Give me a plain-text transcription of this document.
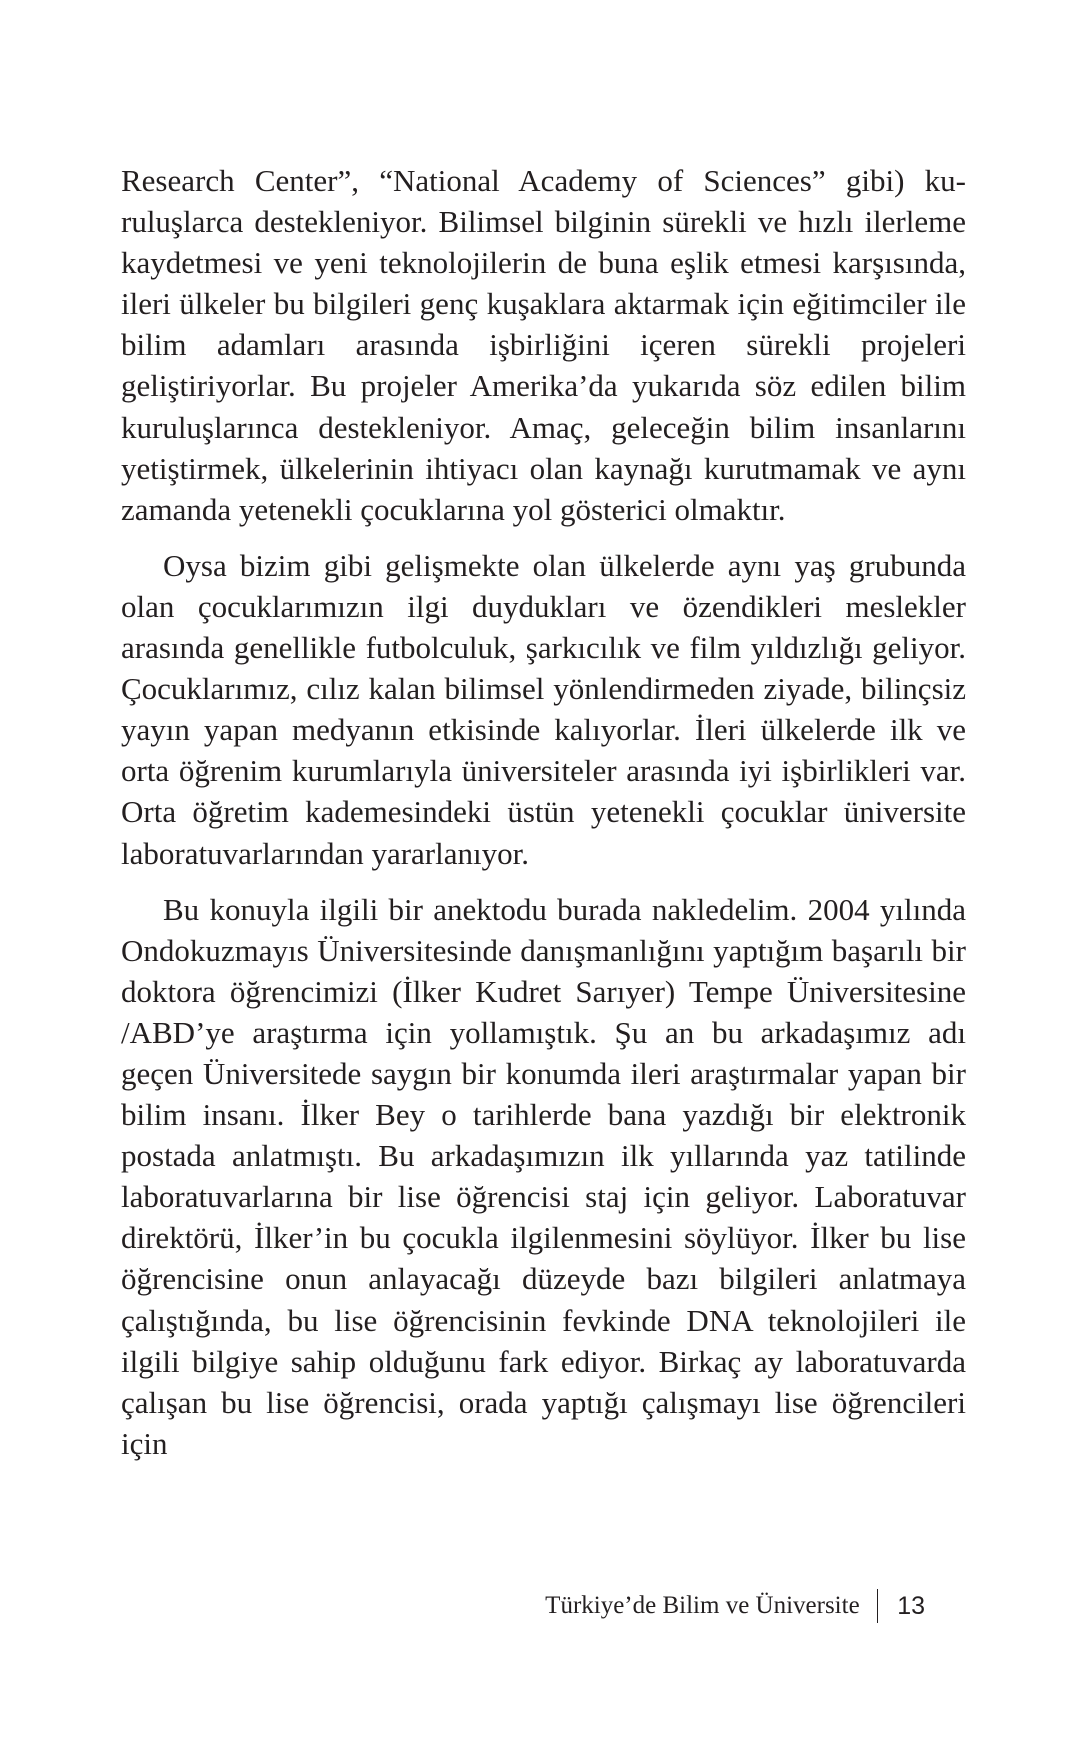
Research Center”, “National Academy of Sciences” gibi) kuruluşlarca destekleniyor. Bilimsel bilginin sürekli ve hızlı ilerleme kaydetmesi ve yeni teknolojilerin de buna eşlik etmesi karşısında, ileri ülkeler bu bilgileri genç kuşaklara aktarmak için eğitimciler ile bilim adamları arasında işbirliğini içeren sürekli projeleri geliştiriyorlar. Bu projeler Amerika’da yukarıda söz edilen bilim kuruluşlarınca destekleniyor. Amaç, geleceğin bilim insanlarını yetiştirmek, ülkelerinin ihtiyacı olan kaynağı kurutmamak ve aynı zamanda yetenekli çocuklarına yol gösterici olmaktır.

Oysa bizim gibi gelişmekte olan ülkelerde aynı yaş grubunda olan çocuklarımızın ilgi duydukları ve özendikleri meslekler arasında genellikle futbolculuk, şarkıcılık ve film yıldızlığı geliyor. Çocuklarımız, cılız kalan bilimsel yönlendirmeden ziyade, bilinçsiz yayın yapan medyanın etkisinde kalıyorlar. İleri ülkelerde ilk ve orta öğrenim kurumlarıyla üniversiteler arasında iyi işbirlikleri var. Orta öğretim kademesindeki üstün yetenekli çocuklar üniversite laboratuvarlarından yararlanıyor.

Bu konuyla ilgili bir anektodu burada nakledelim. 2004 yılında Ondokuzmayıs Üniversitesinde danışmanlığını yaptığım başarılı bir doktora öğrencimizi (İlker Kudret Sarıyer) Tempe Üniversitesine /ABD’ye araştırma için yollamıştık. Şu an bu arkadaşımız adı geçen Üniversitede saygın bir konumda ileri araştırmalar yapan bir bilim insanı. İlker Bey o tarihlerde bana yazdığı bir elektronik postada anlatmıştı. Bu arkadaşımızın ilk yıllarında yaz tatilinde laboratuvarlarına bir lise öğrencisi staj için geliyor. Laboratuvar direktörü, İlker’in bu çocukla ilgilenmesini söylüyor. İlker bu lise öğrencisine onun anlayacağı düzeyde bazı bilgileri anlatmaya çalıştığında, bu lise öğrencisinin fevkinde DNA teknolojileri ile ilgili bilgiye sahip olduğunu fark ediyor. Birkaç ay laboratuvarda çalışan bu lise öğrencisi, orada yaptığı çalışmayı lise öğrencileri için

Türkiye’de Bilim ve Üniversite 13
